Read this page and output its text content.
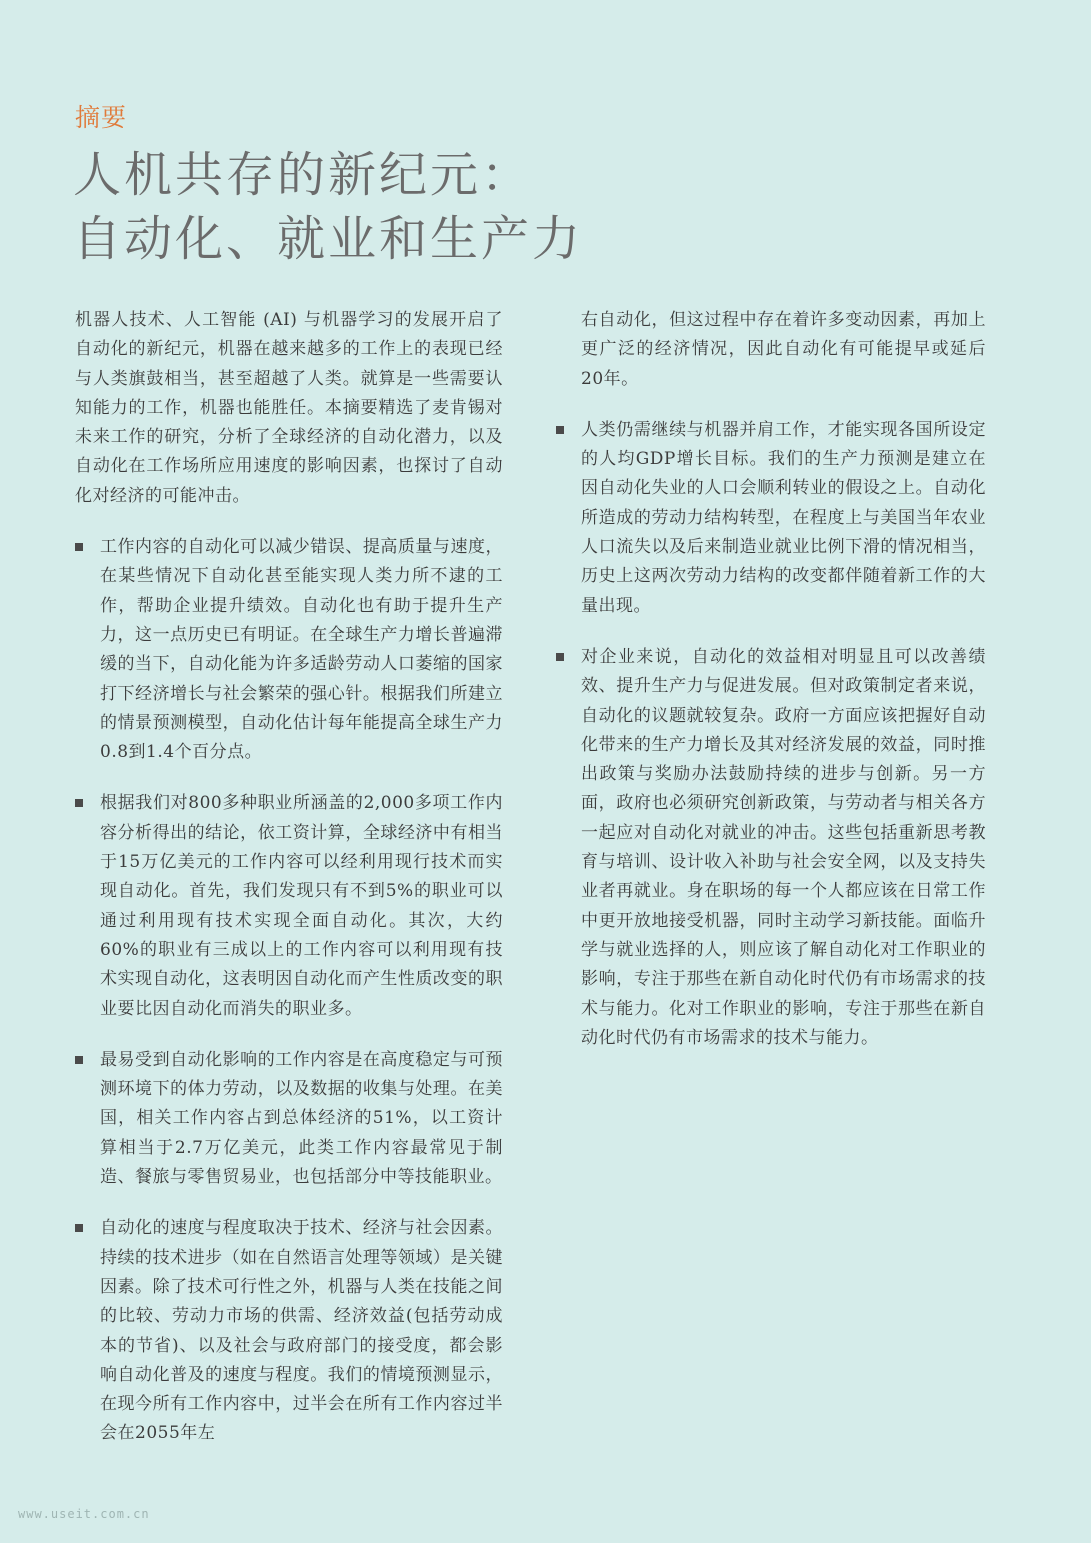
摘要
人机共存的新纪元：
自动化、就业和生产力

机器人技术、人工智能 (AI) 与机器学习的发展开启了自动化的新纪元，机器在越来越多的工作上的表现已经与人类旗鼓相当，甚至超越了人类。就算是一些需要认知能力的工作，机器也能胜任。本摘要精选了麦肯锡对未来工作的研究，分析了全球经济的自动化潜力，以及自动化在工作场所应用速度的影响因素，也探讨了自动化对经济的可能冲击。

工作内容的自动化可以减少错误、提高质量与速度，在某些情况下自动化甚至能实现人类力所不逮的工作，帮助企业提升绩效。自动化也有助于提升生产力，这一点历史已有明证。在全球生产力增长普遍滞缓的当下，自动化能为许多适龄劳动人口萎缩的国家打下经济增长与社会繁荣的强心针。根据我们所建立的情景预测模型，自动化估计每年能提高全球生产力0.8到1.4个百分点。
根据我们对800多种职业所涵盖的2,000多项工作内容分析得出的结论，依工资计算，全球经济中有相当于15万亿美元的工作内容可以经利用现行技术而实现自动化。首先，我们发现只有不到5%的职业可以通过利用现有技术实现全面自动化。其次，大约60%的职业有三成以上的工作内容可以利用现有技术实现自动化，这表明因自动化而产生性质改变的职业要比因自动化而消失的职业多。
最易受到自动化影响的工作内容是在高度稳定与可预测环境下的体力劳动，以及数据的收集与处理。在美国，相关工作内容占到总体经济的51%，以工资计算相当于2.7万亿美元，此类工作内容最常见于制造、餐旅与零售贸易业，也包括部分中等技能职业。
自动化的速度与程度取决于技术、经济与社会因素。持续的技术进步（如在自然语言处理等领域）是关键因素。除了技术可行性之外，机器与人类在技能之间的比较、劳动力市场的供需、经济效益(包括劳动成本的节省)、以及社会与政府部门的接受度，都会影响自动化普及的速度与程度。我们的情境预测显示，在现今所有工作内容中，过半会在所有工作内容过半会在2055年左

右自动化，但这过程中存在着许多变动因素，再加上更广泛的经济情况，因此自动化有可能提早或延后20年。

人类仍需继续与机器并肩工作，才能实现各国所设定的人均GDP增长目标。我们的生产力预测是建立在因自动化失业的人口会顺利转业的假设之上。自动化所造成的劳动力结构转型，在程度上与美国当年农业人口流失以及后来制造业就业比例下滑的情况相当，历史上这两次劳动力结构的改变都伴随着新工作的大量出现。
对企业来说，自动化的效益相对明显且可以改善绩效、提升生产力与促进发展。但对政策制定者来说，自动化的议题就较复杂。政府一方面应该把握好自动化带来的生产力增长及其对经济发展的效益，同时推出政策与奖励办法鼓励持续的进步与创新。另一方面，政府也必须研究创新政策，与劳动者与相关各方一起应对自动化对就业的冲击。这些包括重新思考教育与培训、设计收入补助与社会安全网，以及支持失业者再就业。身在职场的每一个人都应该在日常工作中更开放地接受机器，同时主动学习新技能。面临升学与就业选择的人，则应该了解自动化对工作职业的影响，专注于那些在新自动化时代仍有市场需求的技术与能力。化对工作职业的影响，专注于那些在新自动化时代仍有市场需求的技术与能力。
www.useit.com.cn
